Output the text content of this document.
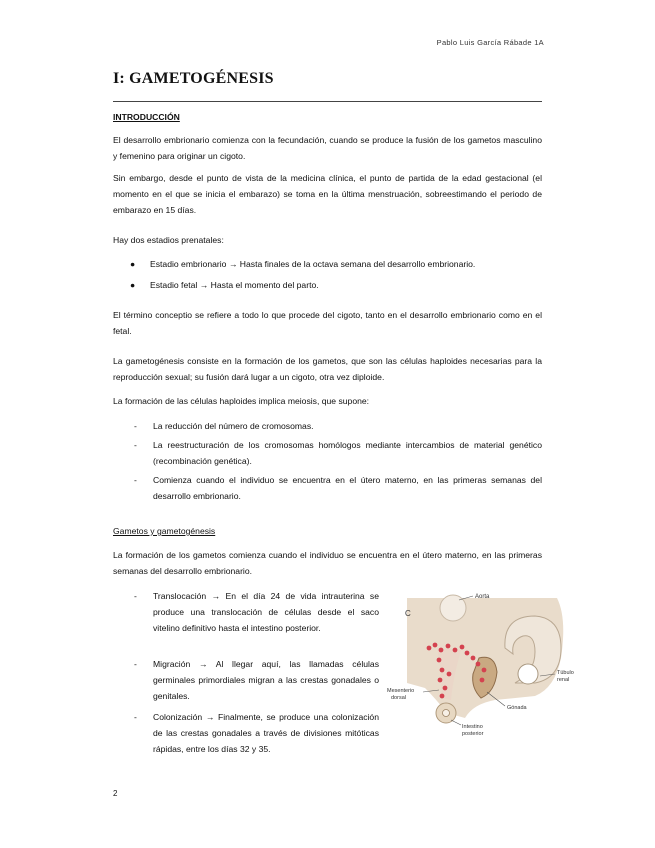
Pablo Luis García Rábade 1A
I: GAMETOGÉNESIS
INTRODUCCIÓN
El desarrollo embrionario comienza con la fecundación, cuando se produce la fusión de los gametos masculino y femenino para originar un cigoto.
Sin embargo, desde el punto de vista de la medicina clínica, el punto de partida de la edad gestacional (el momento en el que se inicia el embarazo) se toma en la última menstruación, sobreestimando el periodo de embarazo en 15 días.
Hay dos estadios prenatales:
● Estadio embrionario → Hasta finales de la octava semana del desarrollo embrionario.
● Estadio fetal → Hasta el momento del parto.
El término conceptio se refiere a todo lo que procede del cigoto, tanto en el desarrollo embrionario como en el fetal.
La gametogénesis consiste en la formación de los gametos, que son las células haploides necesarias para la reproducción sexual; su fusión dará lugar a un cigoto, otra vez diploide.
La formación de las células haploides implica meiosis, que supone:
- La reducción del número de cromosomas.
- La reestructuración de los cromosomas homólogos mediante intercambios de material genético (recombinación genética).
- Comienza cuando el individuo se encuentra en el útero materno, en las primeras semanas del desarrollo embrionario.
Gametos y gametogénesis
La formación de los gametos comienza cuando el individuo se encuentra en el útero materno, en las primeras semanas del desarrollo embrionario.
- Translocación → En el día 24 de vida intrauterina se produce una translocación de células desde el saco vitelino definitivo hasta el intestino posterior.
- Migración → Al llegar aquí, las llamadas células germinales primordiales migran a las crestas gonadales o genitales.
- Colonización → Finalmente, se produce una colonización de las crestas gonadales a través de divisiones mitóticas rápidas, entre los días 32 y 35.
C
Aorta
Túbulo
renal
Mesenterio
dorsal
Gónada
Intestino
posterior
2
